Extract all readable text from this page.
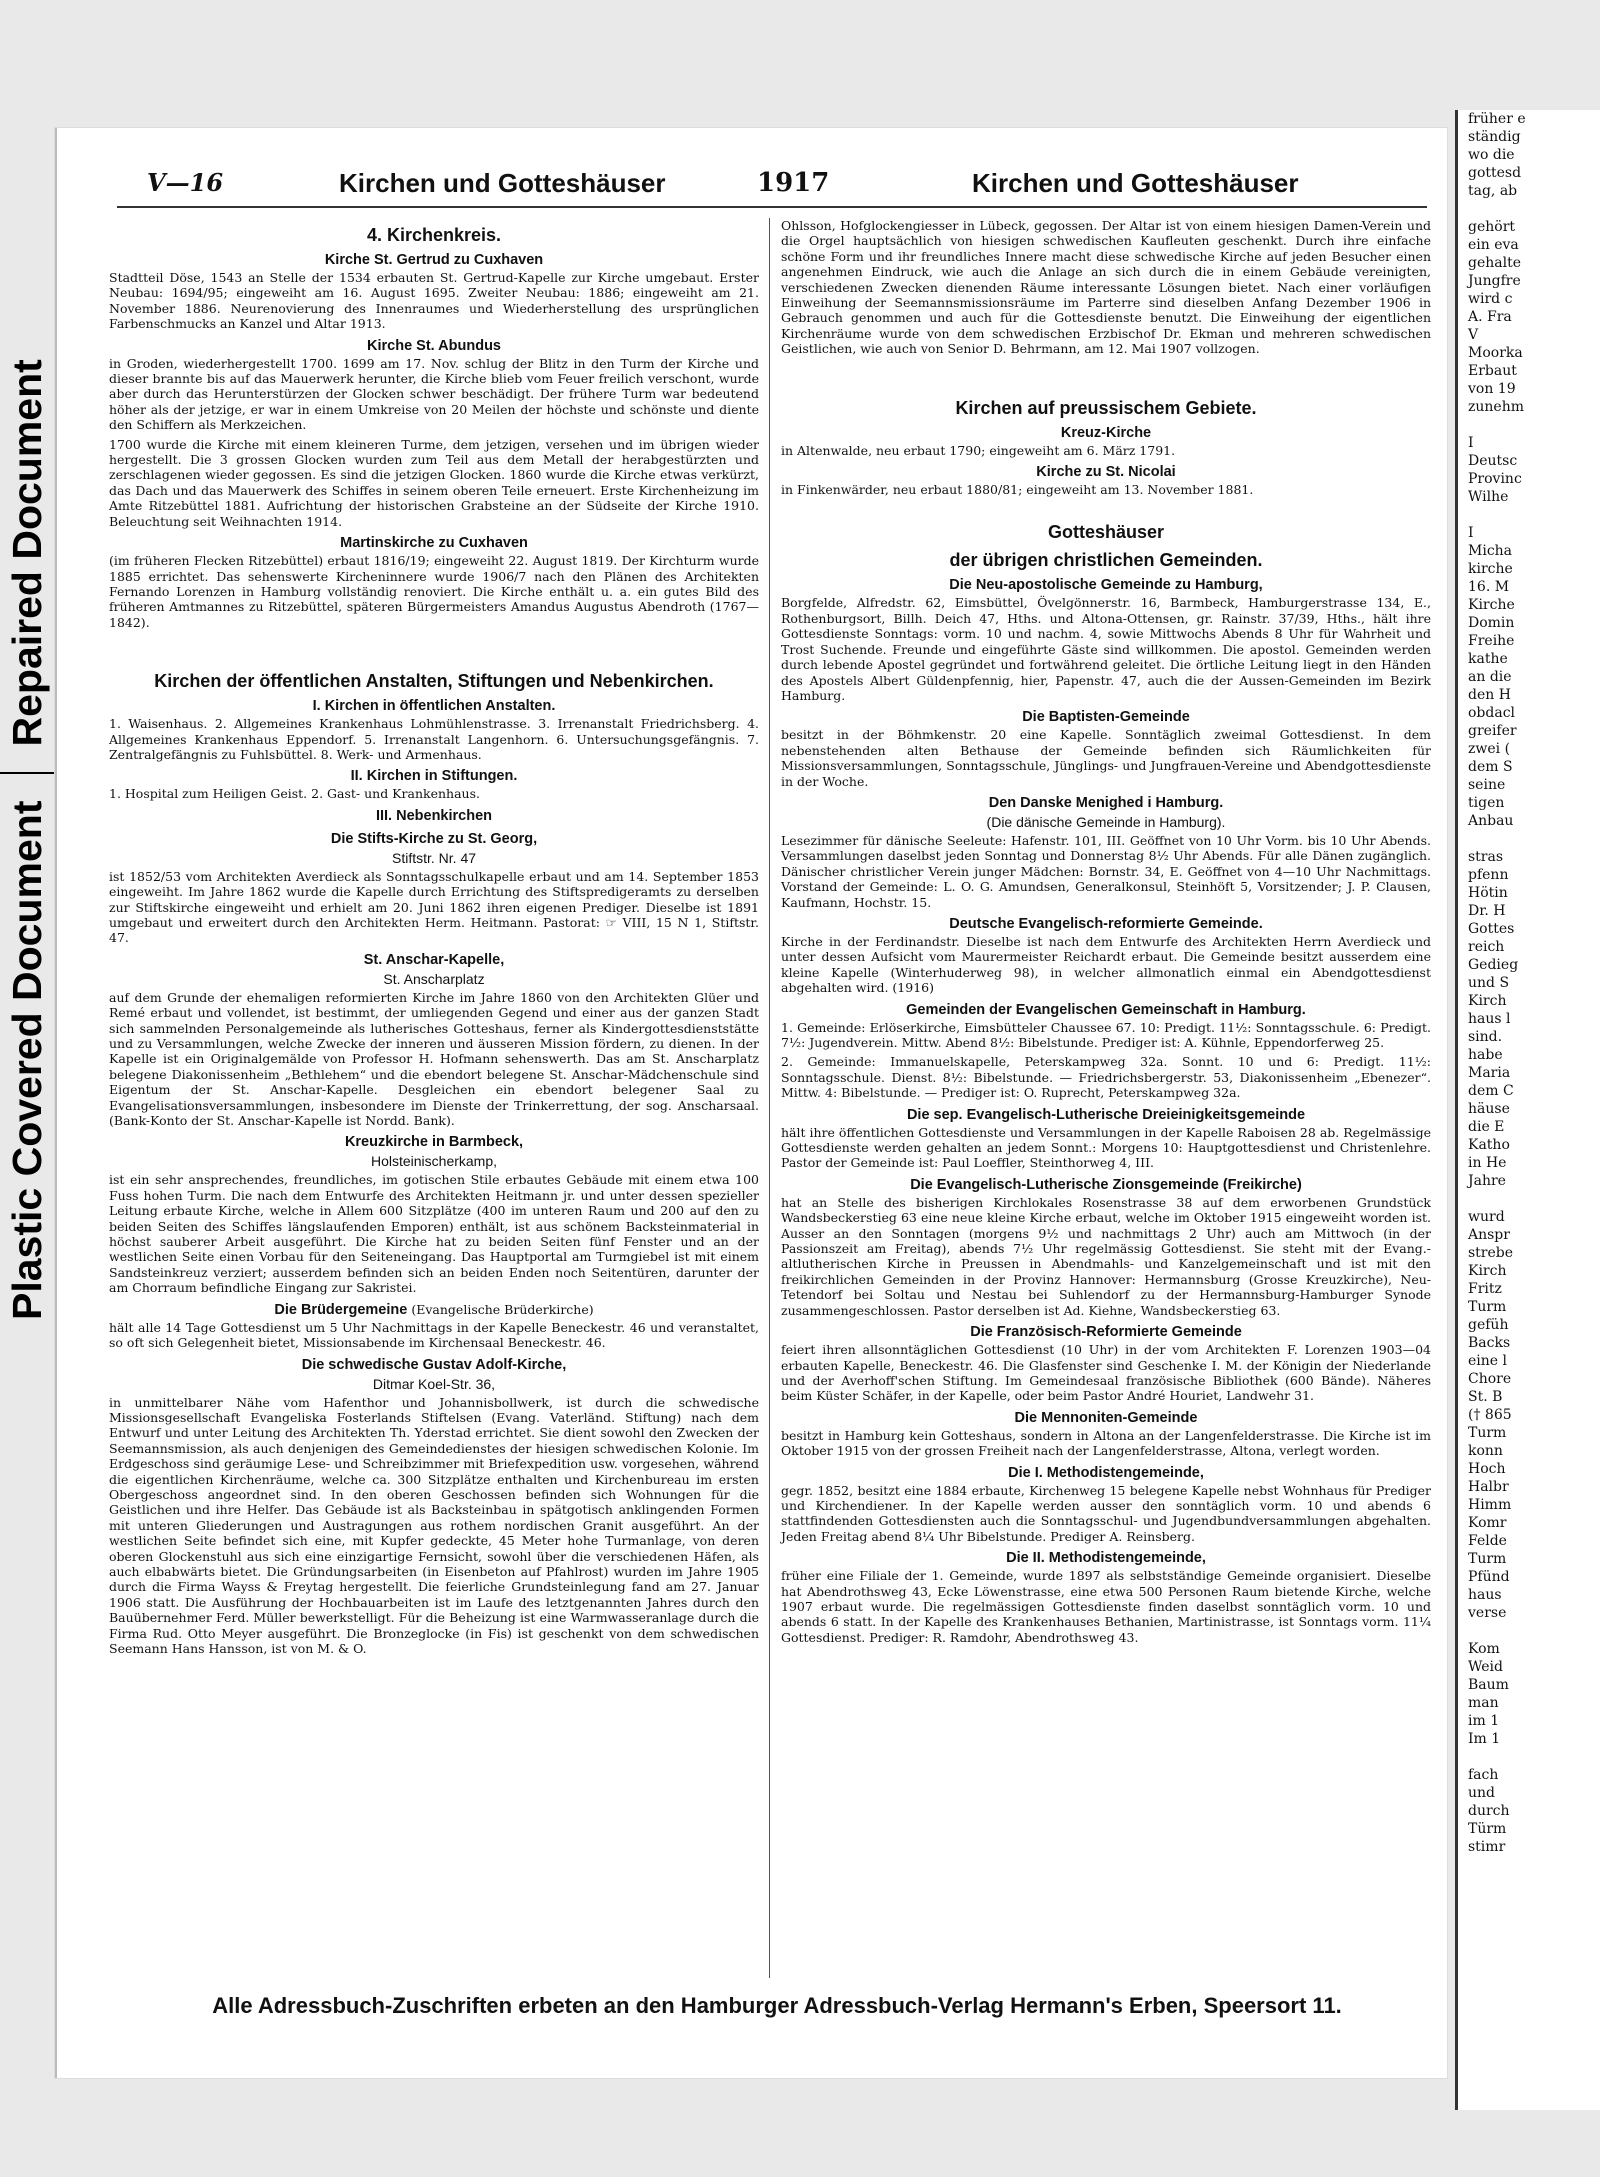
Plastic Covered Document
Repaired Document
V—16	Kirchen und Gotteshäuser	1917	Kirchen und Gotteshäuser
4. Kirchenkreis.
Kirche St. Gertrud zu Cuxhaven

Stadtteil Döse, 1543 an Stelle der 1534 erbauten St. Gertrud-Kapelle zur Kirche umgebaut. Erster Neubau: 1694/95; eingeweiht am 16. August 1695. Zweiter Neubau: 1886; eingeweiht am 21. November 1886. Neurenovierung des Innenraumes und Wiederherstellung des ursprünglichen Farbenschmucks an Kanzel und Altar 1913.

Kirche St. Abundus

in Groden, wiederhergestellt 1700. 1699 am 17. Nov. schlug der Blitz in den Turm der Kirche und dieser brannte bis auf das Mauerwerk herunter, die Kirche blieb vom Feuer freilich verschont, wurde aber durch das Herunterstürzen der Glocken schwer beschädigt. Der frühere Turm war bedeutend höher als der jetzige, er war in einem Umkreise von 20 Meilen der höchste und schönste und diente den Schiffern als Merkzeichen.

1700 wurde die Kirche mit einem kleineren Turme, dem jetzigen, versehen und im übrigen wieder hergestellt. Die 3 grossen Glocken wurden zum Teil aus dem Metall der herabgestürzten und zerschlagenen wieder gegossen. Es sind die jetzigen Glocken. 1860 wurde die Kirche etwas verkürzt, das Dach und das Mauerwerk des Schiffes in seinem oberen Teile erneuert. Erste Kirchenheizung im Amte Ritzebüttel 1881. Aufrichtung der historischen Grabsteine an der Südseite der Kirche 1910. Beleuchtung seit Weihnachten 1914.

Martinskirche zu Cuxhaven

(im früheren Flecken Ritzebüttel) erbaut 1816/19; eingeweiht 22. August 1819. Der Kirchturm wurde 1885 errichtet. Das sehenswerte Kircheninnere wurde 1906/7 nach den Plänen des Architekten Fernando Lorenzen in Hamburg vollständig renoviert. Die Kirche enthält u. a. ein gutes Bild des früheren Amtmannes zu Ritzebüttel, späteren Bürgermeisters Amandus Augustus Abendroth (1767—1842).

Kirchen der öffentlichen Anstalten, Stiftungen und Nebenkirchen.
I. Kirchen in öffentlichen Anstalten.

1. Waisenhaus. 2. Allgemeines Krankenhaus Lohmühlenstrasse. 3. Irrenanstalt Friedrichsberg. 4. Allgemeines Krankenhaus Eppendorf. 5. Irrenanstalt Langenhorn. 6. Untersuchungsgefängnis. 7. Zentralgefängnis zu Fuhlsbüttel. 8. Werk- und Armenhaus.

II. Kirchen in Stiftungen.

1. Hospital zum Heiligen Geist. 2. Gast- und Krankenhaus.

III. Nebenkirchen
Die Stifts-Kirche zu St. Georg,
Stiftstr. Nr. 47

ist 1852/53 vom Architekten Averdieck als Sonntagsschulkapelle erbaut und am 14. September 1853 eingeweiht. Im Jahre 1862 wurde die Kapelle durch Errichtung des Stiftspredigeramts zu derselben zur Stiftskirche eingeweiht und erhielt am 20. Juni 1862 ihren eigenen Prediger. Dieselbe ist 1891 umgebaut und erweitert durch den Architekten Herm. Heitmann. Pastorat: ☞ VIII, 15 N 1, Stiftstr. 47.

St. Anschar-Kapelle,
St. Anscharplatz

auf dem Grunde der ehemaligen reformierten Kirche im Jahre 1860 von den Architekten Glüer und Remé erbaut und vollendet, ist bestimmt, der umliegenden Gegend und einer aus der ganzen Stadt sich sammelnden Personalgemeinde als lutherisches Gotteshaus, ferner als Kindergottesdienststätte und zu Versammlungen, welche Zwecke der inneren und äusseren Mission fördern, zu dienen. In der Kapelle ist ein Originalgemälde von Professor H. Hofmann sehenswerth. Das am St. Anscharplatz belegene Diakonissenheim „Bethlehem“ und die ebendort belegene St. Anschar-Mädchenschule sind Eigentum der St. Anschar-Kapelle. Desgleichen ein ebendort belegener Saal zu Evangelisationsversammlungen, insbesondere im Dienste der Trinkerrettung, der sog. Anscharsaal. (Bank-Konto der St. Anschar-Kapelle ist Nordd. Bank).

Kreuzkirche in Barmbeck,
Holsteinischerkamp,

ist ein sehr ansprechendes, freundliches, im gotischen Stile erbautes Gebäude mit einem etwa 100 Fuss hohen Turm. Die nach dem Entwurfe des Architekten Heitmann jr. und unter dessen spezieller Leitung erbaute Kirche, welche in Allem 600 Sitzplätze (400 im unteren Raum und 200 auf den zu beiden Seiten des Schiffes längslaufenden Emporen) enthält, ist aus schönem Backsteinmaterial in höchst sauberer Arbeit ausgeführt. Die Kirche hat zu beiden Seiten fünf Fenster und an der westlichen Seite einen Vorbau für den Seiteneingang. Das Hauptportal am Turmgiebel ist mit einem Sandsteinkreuz verziert; ausserdem befinden sich an beiden Enden noch Seitentüren, darunter der am Chorraum befindliche Eingang zur Sakristei.

Die Brüdergemeine (Evangelische Brüderkirche)

hält alle 14 Tage Gottesdienst um 5 Uhr Nachmittags in der Kapelle Beneckestr. 46 und veranstaltet, so oft sich Gelegenheit bietet, Missionsabende im Kirchensaal Beneckestr. 46.

Die schwedische Gustav Adolf-Kirche,
Ditmar Koel-Str. 36,

in unmittelbarer Nähe vom Hafenthor und Johannisbollwerk, ist durch die schwedische Missionsgesellschaft Evangeliska Fosterlands Stiftelsen (Evang. Vaterländ. Stiftung) nach dem Entwurf und unter Leitung des Architekten Th. Yderstad errichtet. Sie dient sowohl den Zwecken der Seemannsmission, als auch denjenigen des Gemeindedienstes der hiesigen schwedischen Kolonie. Im Erdgeschoss sind geräumige Lese- und Schreibzimmer mit Briefexpedition usw. vorgesehen, während die eigentlichen Kirchenräume, welche ca. 300 Sitzplätze enthalten und Kirchenbureau im ersten Obergeschoss angeordnet sind. In den oberen Geschossen befinden sich Wohnungen für die Geistlichen und ihre Helfer. Das Gebäude ist als Backsteinbau in spätgotisch anklingenden Formen mit unteren Gliederungen und Austragungen aus rothem nordischen Granit ausgeführt. An der westlichen Seite befindet sich eine, mit Kupfer gedeckte, 45 Meter hohe Turmanlage, von deren oberen Glockenstuhl aus sich eine einzigartige Fernsicht, sowohl über die verschiedenen Häfen, als auch elbabwärts bietet. Die Gründungsarbeiten (in Eisenbeton auf Pfahlrost) wurden im Jahre 1905 durch die Firma Wayss & Freytag hergestellt. Die feierliche Grundsteinlegung fand am 27. Januar 1906 statt. Die Ausführung der Hochbauarbeiten ist im Laufe des letztgenannten Jahres durch den Bauübernehmer Ferd. Müller bewerkstelligt. Für die Beheizung ist eine Warmwasseranlage durch die Firma Rud. Otto Meyer ausgeführt. Die Bronzeglocke (in Fis) ist geschenkt von dem schwedischen Seemann Hans Hansson, ist von M. & O.

Ohlsson, Hofglockengiesser in Lübeck, gegossen. Der Altar ist von einem hiesigen Damen-Verein und die Orgel hauptsächlich von hiesigen schwedischen Kaufleuten geschenkt. Durch ihre einfache schöne Form und ihr freundliches Innere macht diese schwedische Kirche auf jeden Besucher einen angenehmen Eindruck, wie auch die Anlage an sich durch die in einem Gebäude vereinigten, verschiedenen Zwecken dienenden Räume interessante Lösungen bietet. Nach einer vorläufigen Einweihung der Seemannsmissionsräume im Parterre sind dieselben Anfang Dezember 1906 in Gebrauch genommen und auch für die Gottesdienste benutzt. Die Einweihung der eigentlichen Kirchenräume wurde von dem schwedischen Erzbischof Dr. Ekman und mehreren schwedischen Geistlichen, wie auch von Senior D. Behrmann, am 12. Mai 1907 vollzogen.

Kirchen auf preussischem Gebiete.
Kreuz-Kirche

in Altenwalde, neu erbaut 1790; eingeweiht am 6. März 1791.

Kirche zu St. Nicolai

in Finkenwärder, neu erbaut 1880/81; eingeweiht am 13. November 1881.

Gotteshäuser
der übrigen christlichen Gemeinden.
Die Neu-apostolische Gemeinde zu Hamburg,

Borgfelde, Alfredstr. 62, Eimsbüttel, Övelgönnerstr. 16, Barmbeck, Hamburgerstrasse 134, E., Rothenburgsort, Billh. Deich 47, Hths. und Altona-Ottensen, gr. Rainstr. 37/39, Hths., hält ihre Gottesdienste Sonntags: vorm. 10 und nachm. 4, sowie Mittwochs Abends 8 Uhr für Wahrheit und Trost Suchende. Freunde und eingeführte Gäste sind willkommen. Die apostol. Gemeinden werden durch lebende Apostel gegründet und fortwährend geleitet. Die örtliche Leitung liegt in den Händen des Apostels Albert Güldenpfennig, hier, Papenstr. 47, auch die der Aussen-Gemeinden im Bezirk Hamburg.

Die Baptisten-Gemeinde

besitzt in der Böhmkenstr. 20 eine Kapelle. Sonntäglich zweimal Gottesdienst. In dem nebenstehenden alten Bethause der Gemeinde befinden sich Räumlichkeiten für Missionsversammlungen, Sonntagsschule, Jünglings- und Jungfrauen-Vereine und Abendgottesdienste in der Woche.

Den Danske Menighed i Hamburg.
(Die dänische Gemeinde in Hamburg).

Lesezimmer für dänische Seeleute: Hafenstr. 101, III. Geöffnet von 10 Uhr Vorm. bis 10 Uhr Abends. Versammlungen daselbst jeden Sonntag und Donnerstag 8½ Uhr Abends. Für alle Dänen zugänglich. Dänischer christlicher Verein junger Mädchen: Bornstr. 34, E. Geöffnet von 4—10 Uhr Nachmittags. Vorstand der Gemeinde: L. O. G. Amundsen, Generalkonsul, Steinhöft 5, Vorsitzender; J. P. Clausen, Kaufmann, Hochstr. 15.

Deutsche Evangelisch-reformierte Gemeinde.

Kirche in der Ferdinandstr. Dieselbe ist nach dem Entwurfe des Architekten Herrn Averdieck und unter dessen Aufsicht vom Maurermeister Reichardt erbaut. Die Gemeinde besitzt ausserdem eine kleine Kapelle (Winterhuderweg 98), in welcher allmonatlich einmal ein Abendgottesdienst abgehalten wird. (1916)

Gemeinden der Evangelischen Gemeinschaft in Hamburg.

1. Gemeinde: Erlöserkirche, Eimsbütteler Chaussee 67. 10: Predigt. 11½: Sonntagsschule. 6: Predigt. 7½: Jugendverein. Mittw. Abend 8½: Bibelstunde. Prediger ist: A. Kühnle, Eppendorferweg 25.

2. Gemeinde: Immanuelskapelle, Peterskampweg 32a. Sonnt. 10 und 6: Predigt. 11½: Sonntagsschule. Dienst. 8½: Bibelstunde. — Friedrichsbergerstr. 53, Diakonissenheim „Ebenezer“. Mittw. 4: Bibelstunde. — Prediger ist: O. Ruprecht, Peterskampweg 32a.

Die sep. Evangelisch-Lutherische Dreieinigkeitsgemeinde

hält ihre öffentlichen Gottesdienste und Versammlungen in der Kapelle Raboisen 28 ab. Regelmässige Gottesdienste werden gehalten an jedem Sonnt.: Morgens 10: Hauptgottesdienst und Christenlehre. Pastor der Gemeinde ist: Paul Loeffler, Steinthorweg 4, III.

Die Evangelisch-Lutherische Zionsgemeinde (Freikirche)

hat an Stelle des bisherigen Kirchlokales Rosenstrasse 38 auf dem erworbenen Grundstück Wandsbeckerstieg 63 eine neue kleine Kirche erbaut, welche im Oktober 1915 eingeweiht worden ist. Ausser an den Sonntagen (morgens 9½ und nachmittags 2 Uhr) auch am Mittwoch (in der Passionszeit am Freitag), abends 7½ Uhr regelmässig Gottesdienst. Sie steht mit der Evang.-altlutherischen Kirche in Preussen in Abendmahls- und Kanzelgemeinschaft und ist mit den freikirchlichen Gemeinden in der Provinz Hannover: Hermannsburg (Grosse Kreuzkirche), Neu-Tetendorf bei Soltau und Nestau bei Suhlendorf zu der Hermannsburg-Hamburger Synode zusammengeschlossen. Pastor derselben ist Ad. Kiehne, Wandsbeckerstieg 63.

Die Französisch-Reformierte Gemeinde

feiert ihren allsonntäglichen Gottesdienst (10 Uhr) in der vom Architekten F. Lorenzen 1903—04 erbauten Kapelle, Beneckestr. 46. Die Glasfenster sind Geschenke I. M. der Königin der Niederlande und der Averhoff'schen Stiftung. Im Gemeindesaal französische Bibliothek (600 Bände). Näheres beim Küster Schäfer, in der Kapelle, oder beim Pastor André Houriet, Landwehr 31.

Die Mennoniten-Gemeinde

besitzt in Hamburg kein Gotteshaus, sondern in Altona an der Langenfelderstrasse. Die Kirche ist im Oktober 1915 von der grossen Freiheit nach der Langenfelderstrasse, Altona, verlegt worden.

Die I. Methodistengemeinde,

gegr. 1852, besitzt eine 1884 erbaute, Kirchenweg 15 belegene Kapelle nebst Wohnhaus für Prediger und Kirchendiener. In der Kapelle werden ausser den sonntäglich vorm. 10 und abends 6 stattfindenden Gottesdiensten auch die Sonntagsschul- und Jugendbundversammlungen abgehalten. Jeden Freitag abend 8¼ Uhr Bibelstunde. Prediger A. Reinsberg.

Die II. Methodistengemeinde,

früher eine Filiale der 1. Gemeinde, wurde 1897 als selbstständige Gemeinde organisiert. Dieselbe hat Abendrothsweg 43, Ecke Löwenstrasse, eine etwa 500 Personen Raum bietende Kirche, welche 1907 erbaut wurde. Die regelmässigen Gottesdienste finden daselbst sonntäglich vorm. 10 und abends 6 statt. In der Kapelle des Krankenhauses Bethanien, Martinistrasse, ist Sonntags vorm. 11¼ Gottesdienst. Prediger: R. Ramdohr, Abendrothsweg 43.

Alle Adressbuch-Zuschriften erbeten an den Hamburger Adressbuch-Verlag Hermann's Erben, Speersort 11.
früher e
ständig
wo die
gottesd
tag, ab

gehört
ein eva
gehalte
Jungfre
wird c
A. Fra
V
Moorka
Erbaut
von 19
zunehm

I
Deutsc
Provinc
Wilhe

I
Micha
kirche
16. M
Kirche
Domin
Freihe
kathe
an die
den H
obdacl
greifer
zwei (
dem S
seine
tigen
Anbau

stras
pfenn
Hötin
Dr. H
Gottes
reich
Gedieg
und S
Kirch
haus l
sind.
habe
Maria
dem C
häuse
die E
Katho
in He
Jahre

wurd
Anspr
strebe
Kirch
Fritz
Turm
gefüh
Backs
eine l
Chore
St. B
(† 865
Turm
konn
Hoch
Halbr
Himm
Komr
Felde
Turm
Pfünd
haus
verse

Kom
Weid
Baum
man
im 1
Im 1

fach
und
durch
Türm
stimr
